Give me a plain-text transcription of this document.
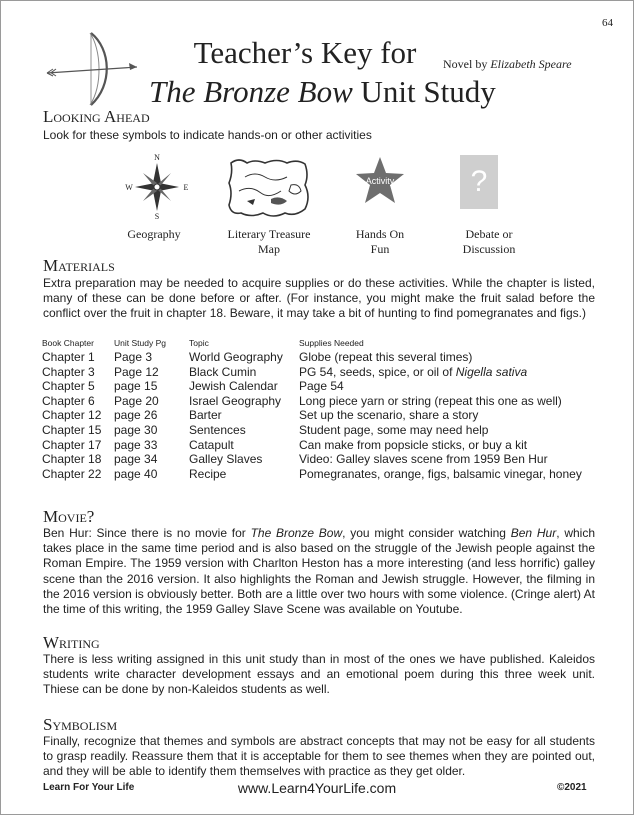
64
Teacher’s Key for
The Bronze Bow Unit Study
Novel by Elizabeth Speare
Looking Ahead
Look for these symbols to indicate hands-on or other activities
N
S
E
W
Geography	Literary Treasure
Map
Activity
Hands On
Fun
?
Debate or
Discussion
Materials
Extra preparation may be needed to acquire supplies or do these activities. While the chapter is listed, many of these can be done before or after. (For instance, you might make the fruit salad before the conflict over the fruit in chapter 18. Beware, it may take a bit of hunting to find pomegranates and figs.)
Book Chapter	Unit Study Pg	Topic	Supplies Needed
Chapter 1	Page 3	World Geography	Globe (repeat this several times)
Chapter 3	Page 12	Black Cumin	PG 54, seeds, spice, or oil of Nigella sativa
Chapter 5	page 15	Jewish Calendar	Page 54
Chapter 6	Page 20	Israel Geography	Long piece yarn or string (repeat this one as well)
Chapter 12	page 26	Barter	Set up the scenario, share a story
Chapter 15	page 30	Sentences	Student page, some may need help
Chapter 17	page 33	Catapult	Can make from popsicle sticks, or buy a kit
Chapter 18	page 34	Galley Slaves	Video: Galley slaves scene from 1959 Ben Hur
Chapter 22	page 40	Recipe	Pomegranates, orange, figs, balsamic vinegar, honey
Movie?
Ben Hur: Since there is no movie for The Bronze Bow, you might consider watching Ben Hur, which takes place in the same time period and is also based on the struggle of the Jewish people against the Roman Empire. The 1959 version with Charlton Heston has a more interesting (and less horrific) galley scene than the 2016 version. It also highlights the Roman and Jewish struggle. However, the filming in the 2016 version is obviously better. Both are a little over two hours with some violence. (Cringe alert) At the time of this writing, the 1959 Galley Slave Scene was available on Youtube.
Writing
There is less writing assigned in this unit study than in most of the ones we have published. Kaleidos students write character development essays and an emotional poem during this three week unit. Thiese can be done by non-Kaleidos students as well.
Symbolism
Finally, recognize that themes and symbols are abstract concepts that may not be easy for all students to grasp readily. Reassure them that it is acceptable for them to see themes when they are pointed out, and they will be able to identify them themselves with practice as they get older.
Learn For Your Life	www.Learn4YourLife.com	©2021
